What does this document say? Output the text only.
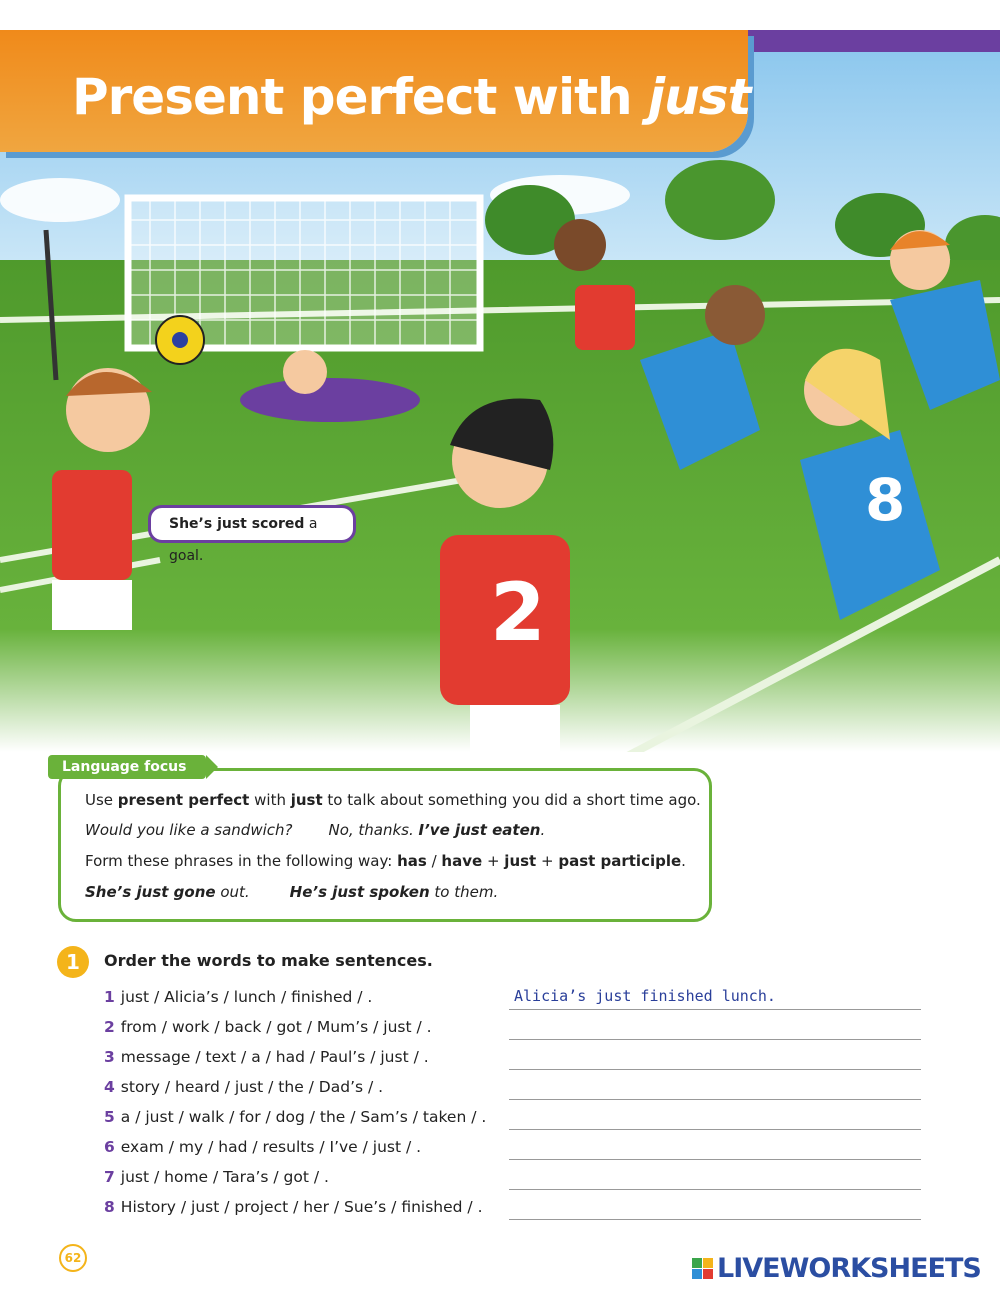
2
8
Present perfect with just
She’s just scored a goal.
Language focus
Use present perfect with just to talk about something you did a short time ago.
Would you like a sandwich? No, thanks. I’ve just eaten.
Form these phrases in the following way: has / have + just + past participle.
She’s just gone out.	He’s just spoken to them.
1	Order the words to make sentences.
1 just / Alicia’s / lunch / finished / .
2 from / work / back / got / Mum’s / just / .
3 message / text / a / had / Paul’s / just / .
4 story / heard / just / the / Dad’s / .
5 a / just / walk / for / dog / the / Sam’s / taken / .
6 exam / my / had / results / I’ve / just / .
7 just / home / Tara’s / got / .
8 History / just / project / her / Sue’s / finished / .
Alicia’s just finished lunch.
62	LIVEWORKSHEETS
